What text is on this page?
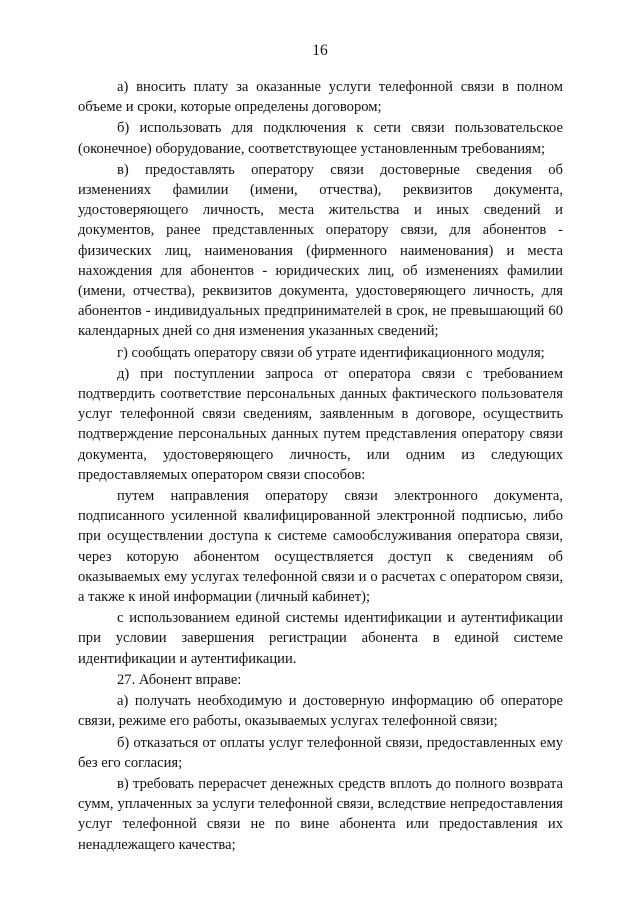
16

а) вносить плату за оказанные услуги телефонной связи в полном объеме и сроки, которые определены договором;

б) использовать для подключения к сети связи пользовательское (оконечное) оборудование, соответствующее установленным требованиям;

в) предоставлять оператору связи достоверные сведения об изменениях фамилии (имени, отчества), реквизитов документа, удостоверяющего личность, места жительства и иных сведений и документов, ранее представленных оператору связи, для абонентов - физических лиц, наименования (фирменного наименования) и места нахождения для абонентов - юридических лиц, об изменениях фамилии (имени, отчества), реквизитов документа, удостоверяющего личность, для абонентов - индивидуальных предпринимателей в срок, не превышающий 60 календарных дней со дня изменения указанных сведений;

г) сообщать оператору связи об утрате идентификационного модуля;

д) при поступлении запроса от оператора связи с требованием подтвердить соответствие персональных данных фактического пользователя услуг телефонной связи сведениям, заявленным в договоре, осуществить подтверждение персональных данных путем представления оператору связи документа, удостоверяющего личность, или одним из следующих предоставляемых оператором связи способов:

путем направления оператору связи электронного документа, подписанного усиленной квалифицированной электронной подписью, либо при осуществлении доступа к системе самообслуживания оператора связи, через которую абонентом осуществляется доступ к сведениям об оказываемых ему услугах телефонной связи и о расчетах с оператором связи, а также к иной информации (личный кабинет);

с использованием единой системы идентификации и аутентификации при условии завершения регистрации абонента в единой системе идентификации и аутентификации.

27. Абонент вправе:

а) получать необходимую и достоверную информацию об операторе связи, режиме его работы, оказываемых услугах телефонной связи;

б) отказаться от оплаты услуг телефонной связи, предоставленных ему без его согласия;

в) требовать перерасчет денежных средств вплоть до полного возврата сумм, уплаченных за услуги телефонной связи, вследствие непредоставления услуг телефонной связи не по вине абонента или предоставления их ненадлежащего качества;
